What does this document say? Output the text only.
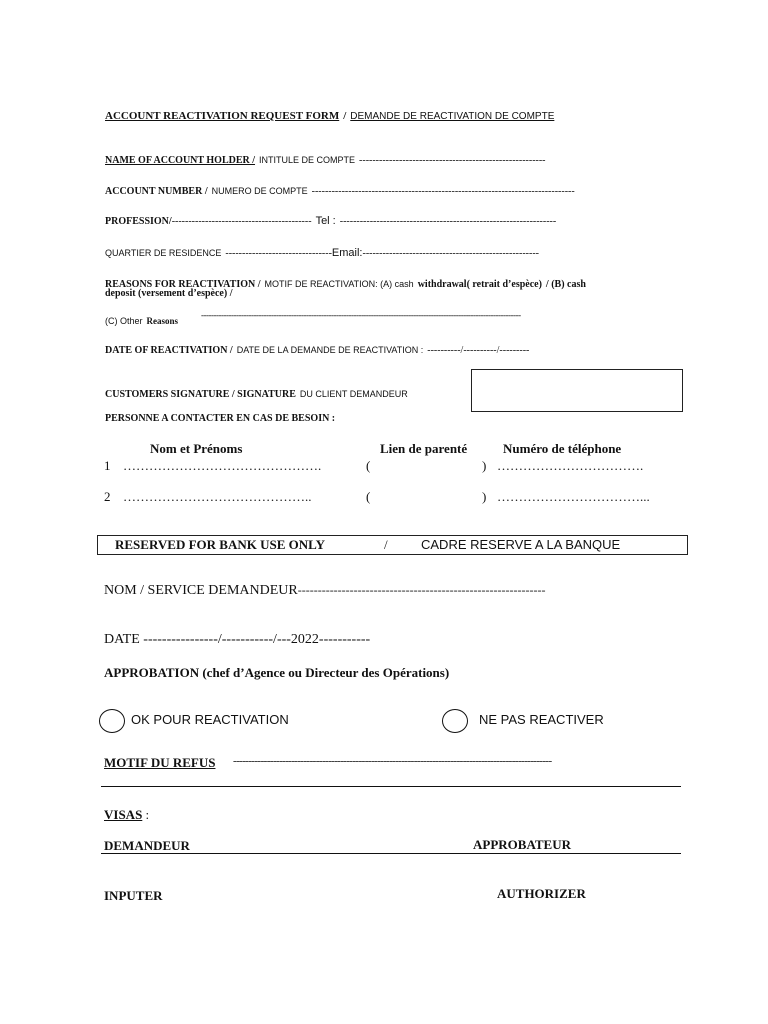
ACCOUNT REACTIVATION REQUEST FORM / DEMANDE DE REACTIVATION DE COMPTE
NAME OF ACCOUNT HOLDER / INTITULE DE COMPTE --------------------------------------------------------
ACCOUNT NUMBER / NUMERO DE COMPTE -------------------------------------------------------------------------------
PROFESSION/------------------------------------------ Tel : -----------------------------------------------------------------
QUARTIER DE RESIDENCE --------------------------------Email:-----------------------------------------------------
REASONS FOR REACTIVATION / MOTIF DE REACTIVATION: (A) cash withdrawal( retrait d’espèce) / (B) cash
deposit (versement d’espèce) /
(C) Other Reasons
--------------------------------------------------------------------------------------------------------------------------------
DATE OF REACTIVATION / DATE DE LA DEMANDE DE REACTIVATION : ----------/----------/---------
CUSTOMERS SIGNATURE / SIGNATURE DU CLIENT DEMANDEUR
PERSONNE A CONTACTER EN CAS DE BESOIN :
Nom et Prénoms	Lien de parenté	Numéro de téléphone
1 ……………………………………….	(	) …………………………….
2 ……………………………………..	(	) ……………………………...
RESERVED FOR BANK USE ONLY	/	CADRE RESERVE A LA BANQUE
NOM / SERVICE DEMANDEUR--------------------------------------------------------------
DATE ----------------/-----------/---2022-----------
APPROBATION (chef d’Agence ou Directeur des Opérations)
OK POUR REACTIVATION	NE PAS REACTIVER
MOTIF DU REFUS --------------------------------------------------------------------------------------------------------
VISAS :
DEMANDEUR	APPROBATEUR
INPUTER	AUTHORIZER
